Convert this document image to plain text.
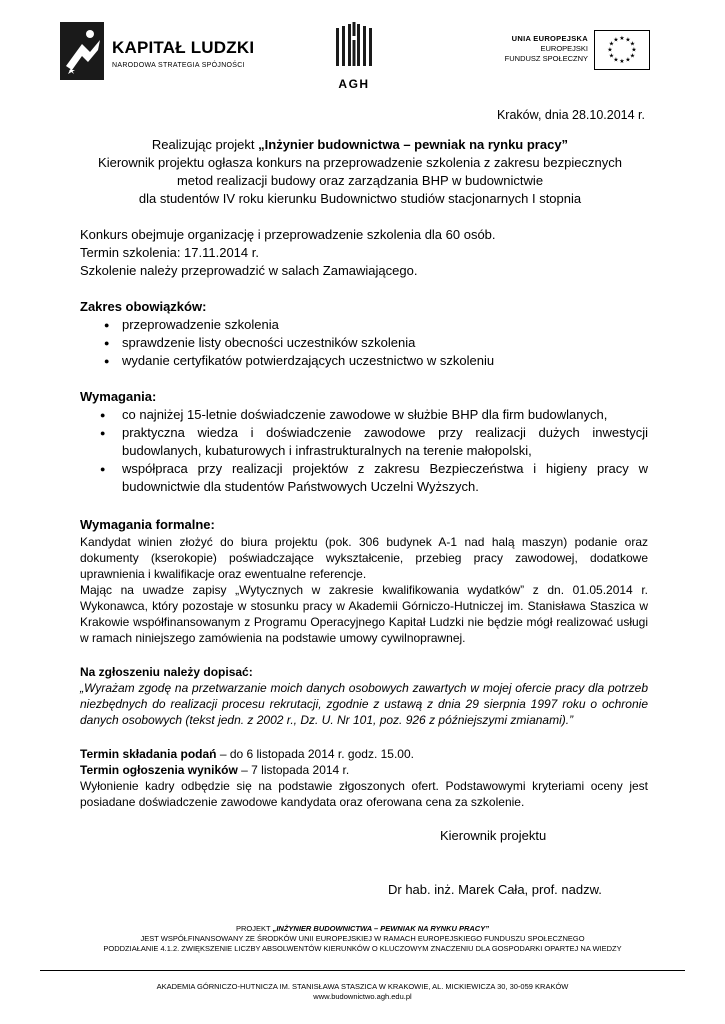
KAPITAŁ LUDZKI
NARODOWA STRATEGIA SPÓJNOŚCI
AGH
UNIA EUROPEJSKA
EUROPEJSKI
FUNDUSZ SPOŁECZNY
★ ★
★
★
★
★
★
★
★
★
★
★
Kraków, dnia 28.10.2014 r.
Realizując projekt „Inżynier budownictwa – pewniak na rynku pracy”
Kierownik projektu ogłasza konkurs na przeprowadzenie szkolenia z zakresu bezpiecznych
metod realizacji budowy oraz zarządzania BHP w budownictwie
dla studentów IV roku kierunku Budownictwo studiów stacjonarnych I stopnia
Konkurs obejmuje organizację i przeprowadzenie szkolenia dla 60 osób.
Termin szkolenia: 17.11.2014 r.
Szkolenie należy przeprowadzić w salach Zamawiającego.
Zakres obowiązków:
● przeprowadzenie szkolenia
● sprawdzenie listy obecności uczestników szkolenia
● wydanie certyfikatów potwierdzających uczestnictwo w szkoleniu
Wymagania:
● co najniżej 15-letnie doświadczenie zawodowe w służbie BHP dla firm budowlanych,
● praktyczna wiedza i doświadczenie zawodowe przy realizacji dużych inwestycji budowlanych, kubaturowych i infrastrukturalnych na terenie małopolski,
● współpraca przy realizacji projektów z zakresu Bezpieczeństwa i higieny pracy w budownictwie dla studentów Państwowych Uczelni Wyższych.
Wymagania formalne:
Kandydat winien złożyć do biura projektu (pok. 306 budynek A-1 nad halą maszyn) podanie oraz dokumenty (kserokopie) poświadczające wykształcenie, przebieg pracy zawodowej, dodatkowe uprawnienia i kwalifikacje oraz ewentualne referencje.
Mając na uwadze zapisy „Wytycznych w zakresie kwalifikowania wydatków” z dn. 01.05.2014 r. Wykonawca, który pozostaje w stosunku pracy w Akademii Górniczo-Hutniczej im. Stanisława Staszica w Krakowie współfinansowanym z Programu Operacyjnego Kapitał Ludzki nie będzie mógł realizować usługi w ramach niniejszego zamówienia na podstawie umowy cywilnoprawnej.
Na zgłoszeniu należy dopisać:
„Wyrażam zgodę na przetwarzanie moich danych osobowych zawartych w mojej ofercie pracy dla potrzeb niezbędnych do realizacji procesu rekrutacji, zgodnie z ustawą z dnia 29 sierpnia 1997 roku o ochronie danych osobowych (tekst jedn. z 2002 r., Dz. U. Nr 101, poz. 926 z późniejszymi zmianami).”
Termin składania podań – do 6 listopada 2014 r. godz. 15.00.
Termin ogłoszenia wyników – 7 listopada 2014 r.
Wyłonienie kadry odbędzie się na podstawie złgoszonych ofert. Podstawowymi kryteriami oceny jest posiadane doświadczenie zawodowe kandydata oraz oferowana cena za szkolenie.
Kierownik projektu
Dr hab. inż. Marek Cała, prof. nadzw.
PROJEKT „INŻYNIER BUDOWNICTWA – PEWNIAK NA RYNKU PRACY”
JEST WSPÓŁFINANSOWANY ZE ŚRODKÓW UNII EUROPEJSKIEJ W RAMACH EUROPEJSKIEGO FUNDUSZU SPOŁECZNEGO
PODDZIAŁANIE 4.1.2. ZWIĘKSZENIE LICZBY ABSOLWENTÓW KIERUNKÓW O KLUCZOWYM ZNACZENIU DLA GOSPODARKI OPARTEJ NA WIEDZY
AKADEMIA GÓRNICZO-HUTNICZA IM. STANISŁAWA STASZICA W KRAKOWIE, AL. MICKIEWICZA 30, 30-059 KRAKÓW
www.budownictwo.agh.edu.pl
